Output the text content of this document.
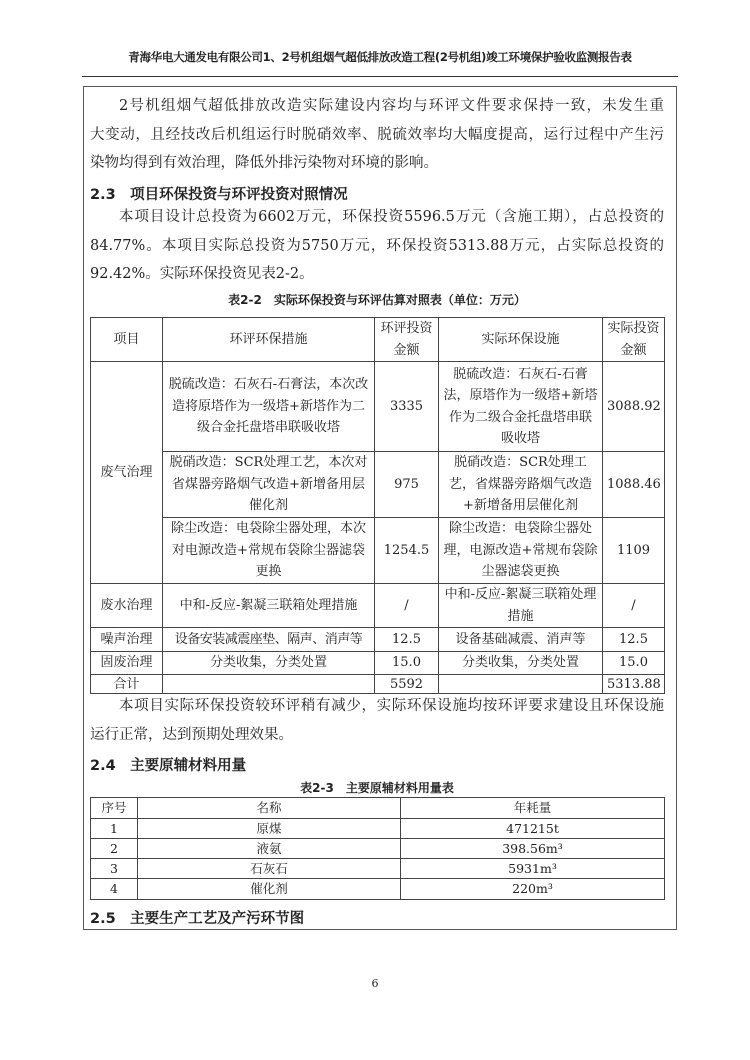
青海华电大通发电有限公司1、2号机组烟气超低排放改造工程(2号机组)竣工环境保护验收监测报告表
2号机组烟气超低排放改造实际建设内容均与环评文件要求保持一致，未发生重
大变动，且经技改后机组运行时脱硝效率、脱硫效率均大幅度提高，运行过程中产生污
染物均得到有效治理，降低外排污染物对环境的影响。
2.3　项目环保投资与环评投资对照情况
本项目设计总投资为6602万元，环保投资5596.5万元（含施工期），占总投资的
84.77%。本项目实际总投资为5750万元，环保投资5313.88万元，占实际总投资的
92.42%。实际环保投资见表2-2。
表2-2　实际环保投资与环评估算对照表（单位：万元）
项目	环评环保措施	环评投资金额	实际环保设施	实际投资金额
废气治理	脱硫改造：石灰石-石膏法，本次改造将原塔作为一级塔+新塔作为二级合金托盘塔串联吸收塔	3335	脱硫改造：石灰石-石膏法，原塔作为一级塔+新塔作为二级合金托盘塔串联吸收塔	3088.92
	脱硝改造：SCR处理工艺，本次对省煤器旁路烟气改造+新增备用层催化剂	975	脱硝改造：SCR处理工艺，省煤器旁路烟气改造+新增备用层催化剂	1088.46
	除尘改造：电袋除尘器处理，本次对电源改造+常规布袋除尘器滤袋更换	1254.5	除尘改造：电袋除尘器处理，电源改造+常规布袋除尘器滤袋更换	1109
废水治理	中和-反应-絮凝三联箱处理措施	/	中和-反应-絮凝三联箱处理措施	/
噪声治理	设备安装减震座垫、隔声、消声等	12.5	设备基础减震、消声等	12.5
固废治理	分类收集，分类处置	15.0	分类收集，分类处置	15.0
合计		5592		5313.88
本项目实际环保投资较环评稍有减少，实际环保设施均按环评要求建设且环保设施
运行正常，达到预期处理效果。
2.4　主要原辅材料用量
表2-3　主要原辅材料用量表
序号	名称	年耗量
1	原煤	471215t
2	液氨	398.56m³
3	石灰石	5931m³
4	催化剂	220m³
2.5　主要生产工艺及产污环节图
6
